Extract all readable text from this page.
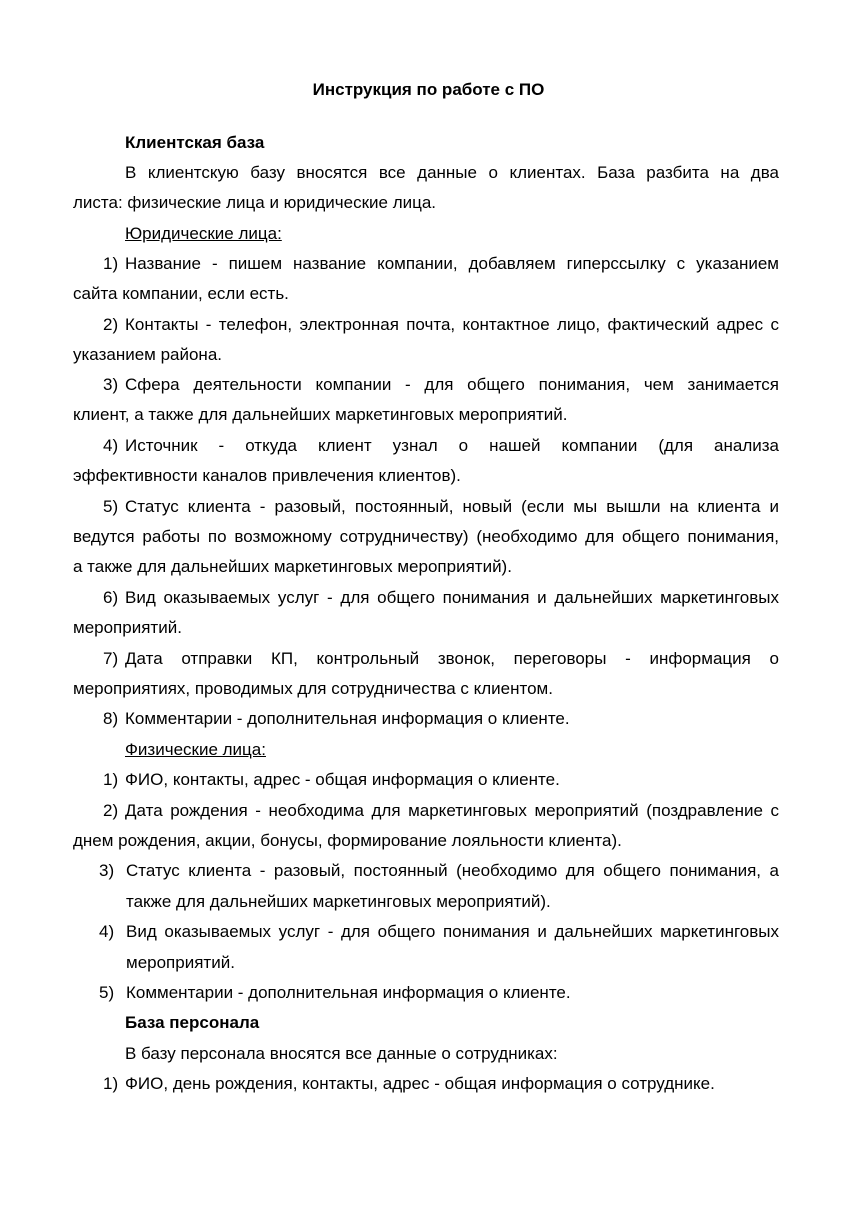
Инструкция по работе с ПО
Клиентская база
В клиентскую базу вносятся все данные о клиентах. База разбита на два
листа: физические лица и юридические лица.
Юридические лица:
1) Название - пишем название компании, добавляем гиперссылку с указанием
сайта компании, если есть.
2) Контакты - телефон, электронная почта, контактное лицо, фактический адрес с
указанием района.
3) Сфера деятельности компании - для общего понимания, чем занимается
клиент, а также для дальнейших маркетинговых мероприятий.
4) Источник - откуда клиент узнал о нашей компании (для анализа
эффективности каналов привлечения клиентов).
5) Статус клиента - разовый, постоянный, новый (если мы вышли на клиента и
ведутся работы по возможному сотрудничеству) (необходимо для общего понимания,
а также для дальнейших маркетинговых мероприятий).
6) Вид оказываемых услуг - для общего понимания и дальнейших маркетинговых
мероприятий.
7) Дата отправки КП, контрольный звонок, переговоры - информация о
мероприятиях, проводимых для сотрудничества с клиентом.
8) Комментарии - дополнительная информация о клиенте.
Физические лица:
1) ФИО, контакты, адрес - общая информация о клиенте.
2) Дата рождения - необходима для маркетинговых мероприятий (поздравление с
днем рождения, акции, бонусы, формирование лояльности клиента).
3) Статус клиента - разовый, постоянный (необходимо для общего понимания, а
также для дальнейших маркетинговых мероприятий).
4) Вид оказываемых услуг - для общего понимания и дальнейших маркетинговых
мероприятий.
5) Комментарии - дополнительная информация о клиенте.
База персонала
В базу персонала вносятся все данные о сотрудниках:
1) ФИО, день рождения, контакты, адрес - общая информация о сотруднике.
